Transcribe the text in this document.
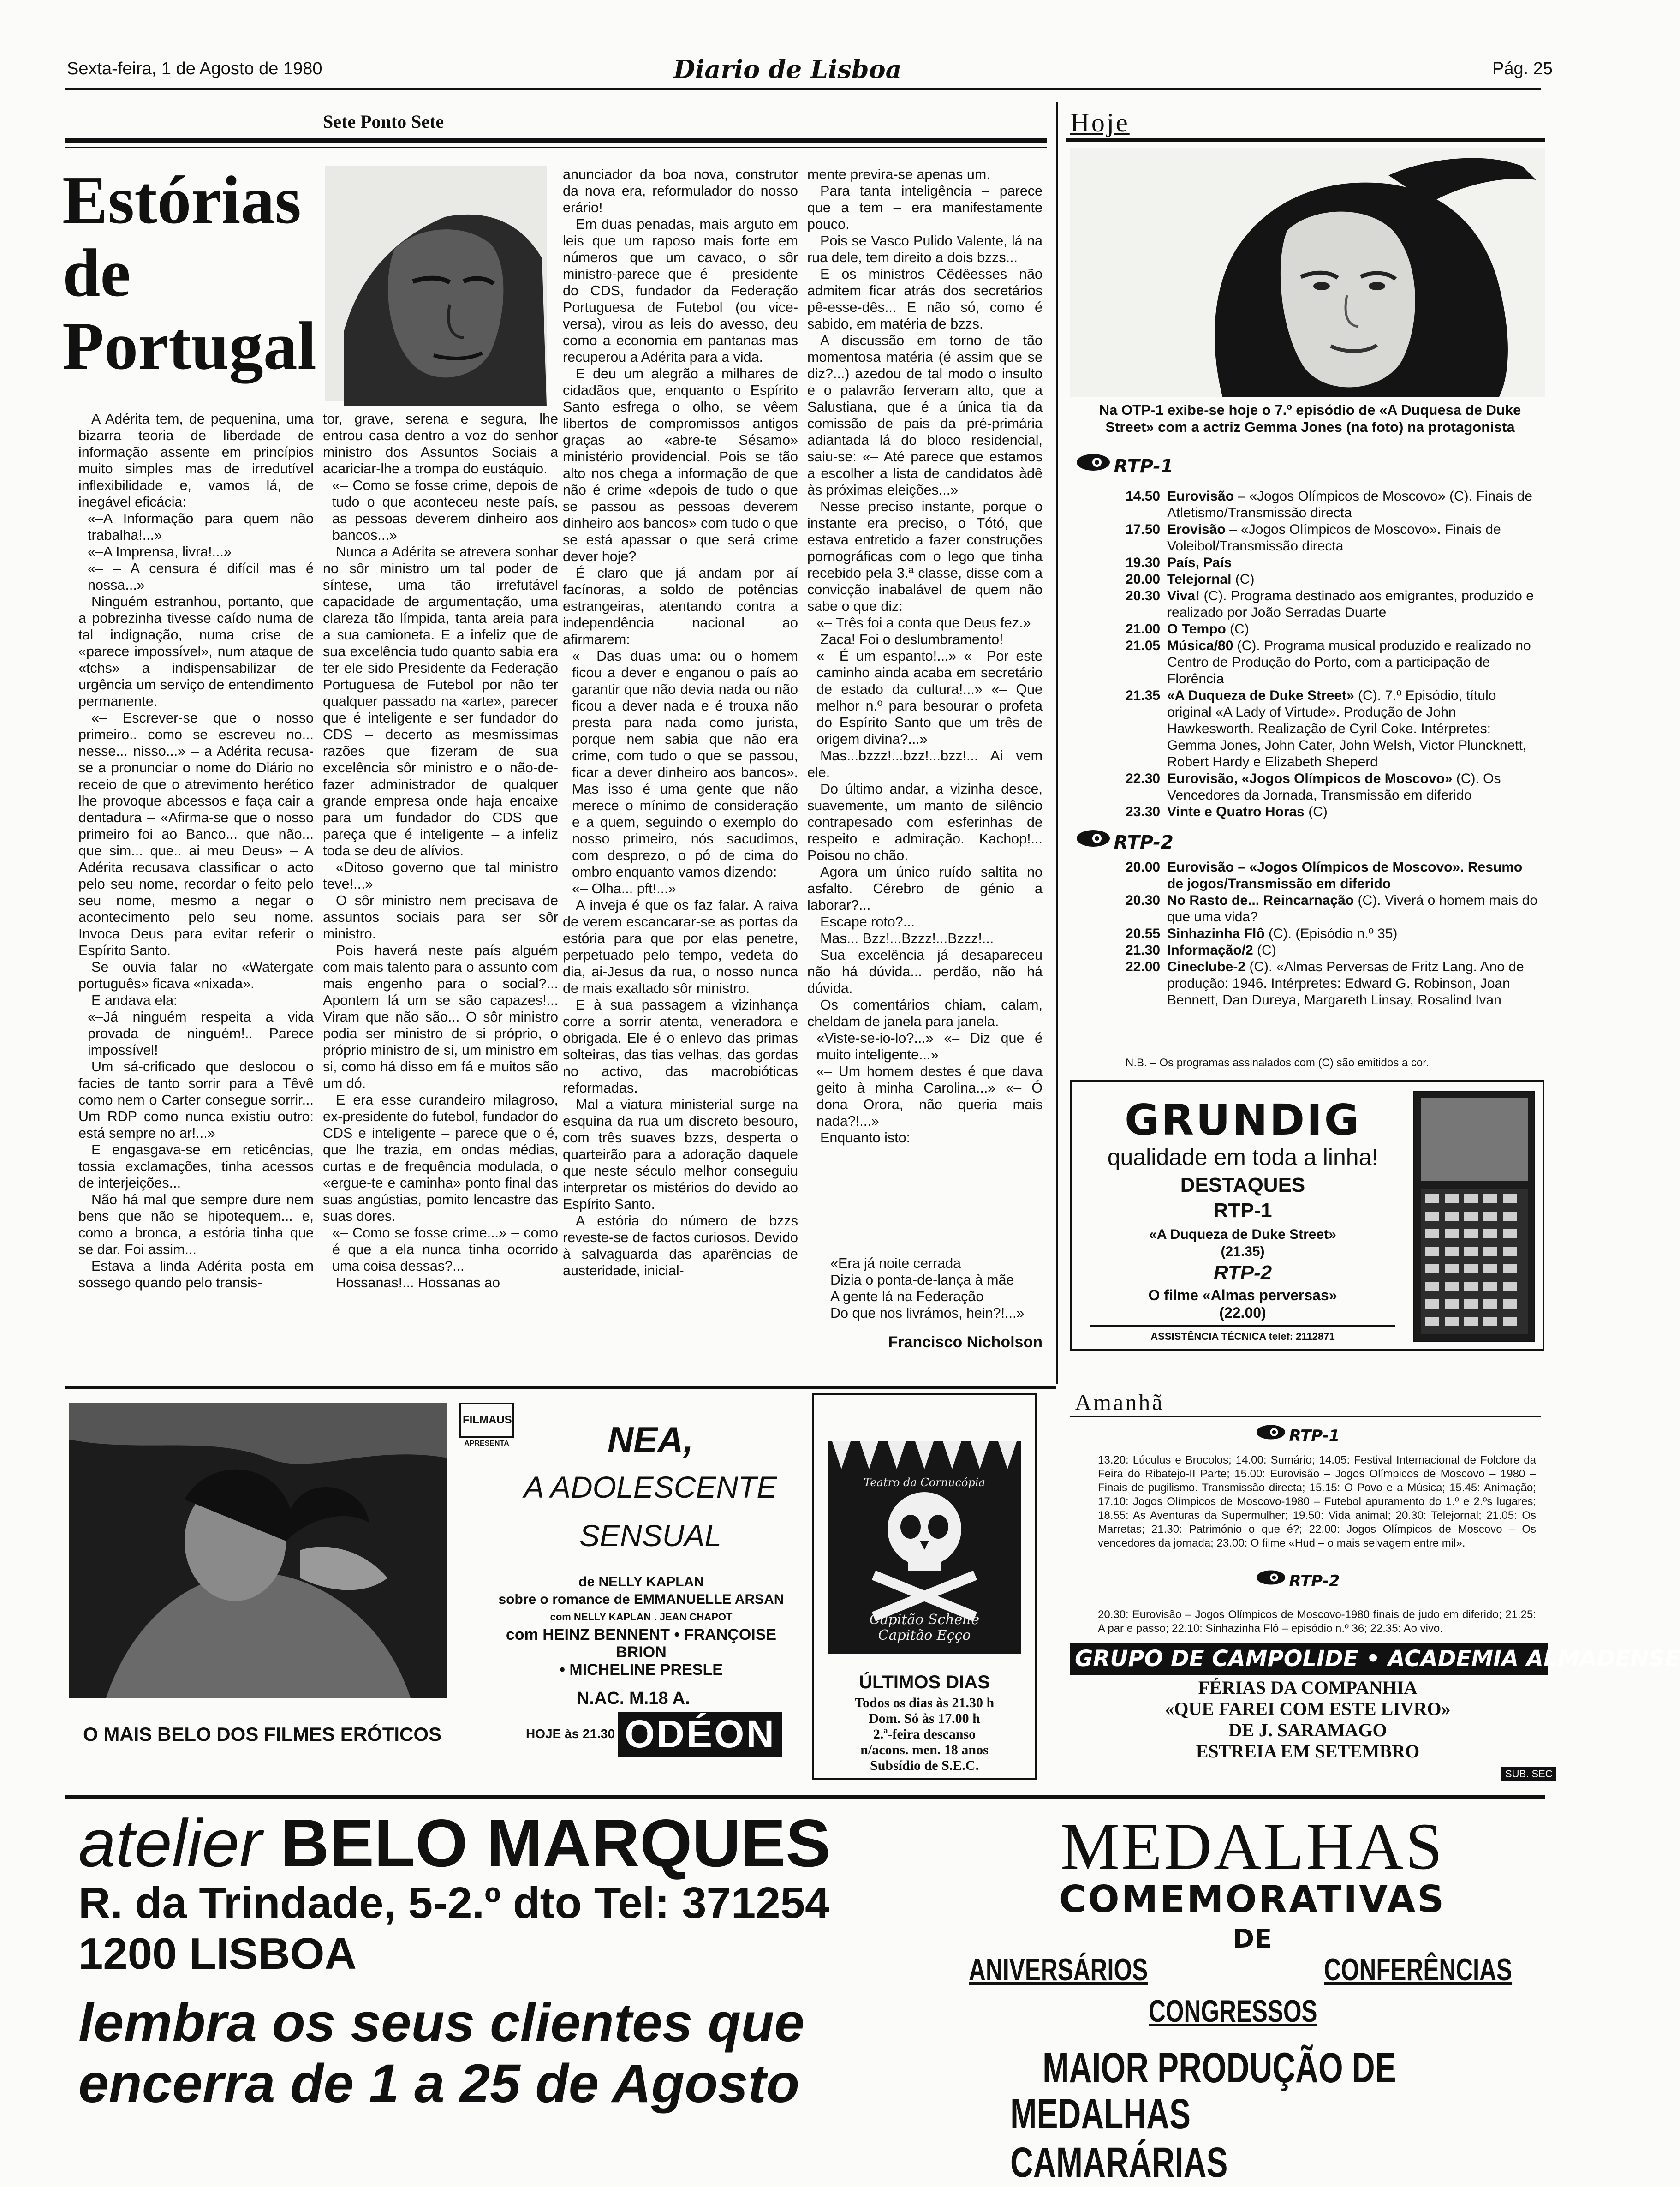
Sexta-feira, 1 de Agosto de 1980	Diario de Lisboa	Pág. 25
Sete Ponto Sete
Estórias
de
Portugal

A Adérita tem, de pequenina, uma bizarra teoria de liberdade de informação assente em princípios muito simples mas de irredutível inflexibilidade e, vamos lá, de inegável eficácia:

«–A Informação para quem não trabalha!...»

«–A Imprensa, livra!...»

«– – A censura é difícil mas é nossa...»

Ninguém estranhou, portanto, que a pobrezinha tivesse caído numa de tal indignação, numa crise de «parece impossível», num ataque de «tchs» a indispensabilizar de urgência um serviço de entendimento permanente.

«– Escrever-se que o nosso primeiro.. como se escreveu no... nesse... nisso...» – a Adérita recusa-se a pronunciar o nome do Diário no receio de que o atrevimento herético lhe provoque abcessos e faça cair a dentadura – «Afirma-se que o nosso primeiro foi ao Banco... que não... que sim... que.. ai meu Deus» – A Adérita recusava classificar o acto pelo seu nome, recordar o feito pelo seu nome, mesmo a negar o acontecimento pelo seu nome. Invoca Deus para evitar referir o Espírito Santo.

Se ouvia falar no «Watergate português» ficava «nixada».

E andava ela:

«–Já ninguém respeita a vida provada de ninguém!.. Parece impossível!

Um sá-crificado que deslocou o facies de tanto sorrir para a Têvê como nem o Carter consegue sorrir... Um RDP como nunca existiu outro: está sempre no ar!...»

E engasgava-se em reticências, tossia exclamações, tinha acessos de interjeições...

Não há mal que sempre dure nem bens que não se hipotequem... e, como a bronca, a estória tinha que se dar. Foi assim...

Estava a linda Adérita posta em sossego quando pelo transis-

tor, grave, serena e segura, lhe entrou casa dentro a voz do senhor ministro dos Assuntos Sociais a acariciar-lhe a trompa do eustáquio.

«– Como se fosse crime, depois de tudo o que aconteceu neste país, as pessoas deverem dinheiro aos bancos...»

Nunca a Adérita se atrevera sonhar no sôr ministro um tal poder de síntese, uma tão irrefutável capacidade de argumentação, uma clareza tão límpida, tanta areia para a sua camioneta. E a infeliz que de sua excelência tudo quanto sabia era ter ele sido Presidente da Federação Portuguesa de Futebol por não ter qualquer passado na «arte», parecer que é inteligente e ser fundador do CDS – decerto as mesmíssimas razões que fizeram de sua excelência sôr ministro e o não-de-fazer administrador de qualquer grande empresa onde haja encaixe para um fundador do CDS que pareça que é inteligente – a infeliz toda se deu de alívios.

«Ditoso governo que tal ministro teve!...»

O sôr ministro nem precisava de assuntos sociais para ser sôr ministro.

Pois haverá neste país alguém com mais talento para o assunto com mais engenho para o social?... Apontem lá um se são capazes!... Viram que não são... O sôr ministro podia ser ministro de si próprio, o próprio ministro de si, um ministro em si, como há disso em fá e muitos são um dó.

E era esse curandeiro milagroso, ex-presidente do futebol, fundador do CDS e inteligente – parece que o é, que lhe trazia, em ondas médias, curtas e de frequência modulada, o «ergue-te e caminha» ponto final das suas angústias, pomito lencastre das suas dores.

«– Como se fosse crime...» – como é que a ela nunca tinha ocorrido uma coisa dessas?...

Hossanas!... Hossanas ao

anunciador da boa nova, construtor da nova era, reformulador do nosso erário!

Em duas penadas, mais arguto em leis que um raposo mais forte em números que um cavaco, o sôr ministro-parece que é – presidente do CDS, fundador da Federação Portuguesa de Futebol (ou vice-versa), virou as leis do avesso, deu como a economia em pantanas mas recuperou a Adérita para a vida.

E deu um alegrão a milhares de cidadãos que, enquanto o Espírito Santo esfrega o olho, se vêem libertos de compromissos antigos graças ao «abre-te Sésamo» ministério providencial. Pois se tão alto nos chega a informação de que não é crime «depois de tudo o que se passou as pessoas deverem dinheiro aos bancos» com tudo o que se está apassar o que será crime dever hoje?

É claro que já andam por aí facínoras, a soldo de potências estrangeiras, atentando contra a independência nacional ao afirmarem:

«– Das duas uma: ou o homem ficou a dever e enganou o país ao garantir que não devia nada ou não ficou a dever nada e é trouxa não presta para nada como jurista, porque nem sabia que não era crime, com tudo o que se passou, ficar a dever dinheiro aos bancos». Mas isso é uma gente que não merece o mínimo de consideração e a quem, seguindo o exemplo do nosso primeiro, nós sacudimos, com desprezo, o pó de cima do ombro enquanto vamos dizendo:

«– Olha... pft!...»

A inveja é que os faz falar. A raiva de verem escancarar-se as portas da estória para que por elas penetre, perpetuado pelo tempo, vedeta do dia, ai-Jesus da rua, o nosso nunca de mais exaltado sôr ministro.

E à sua passagem a vizinhança corre a sorrir atenta, veneradora e obrigada. Ele é o enlevo das primas solteiras, das tias velhas, das gordas no activo, das macrobióticas reformadas.

Mal a viatura ministerial surge na esquina da rua um discreto besouro, com três suaves bzzs, desperta o quarteirão para a adoração daquele que neste século melhor conseguiu interpretar os mistérios do devido ao Espírito Santo.

A estória do número de bzzs reveste-se de factos curiosos. Devido à salvaguarda das aparências de austeridade, inicial-

mente previra-se apenas um.

Para tanta inteligência – parece que a tem – era manifestamente pouco.

Pois se Vasco Pulido Valente, lá na rua dele, tem direito a dois bzzs...

E os ministros Cêdêesses não admitem ficar atrás dos secretários pê-esse-dês... E não só, como é sabido, em matéria de bzzs.

A discussão em torno de tão momentosa matéria (é assim que se diz?...) azedou de tal modo o insulto e o palavrão ferveram alto, que a Salustiana, que é a única tia da comissão de pais da pré-primária adiantada lá do bloco residencial, saiu-se: «– Até parece que estamos a escolher a lista de candidatos àdê às próximas eleições...»

Nesse preciso instante, porque o instante era preciso, o Tótó, que estava entretido a fazer construções pornográficas com o lego que tinha recebido pela 3.ª classe, disse com a convicção inabalável de quem não sabe o que diz:

«– Três foi a conta que Deus fez.»

Zaca! Foi o deslumbramento!

«– É um espanto!...» «– Por este caminho ainda acaba em secretário de estado da cultura!...» «– Que melhor n.º para besourar o profeta do Espírito Santo que um três de origem divina?...»

Mas...bzzz!...bzz!...bzz!... Ai vem ele.

Do último andar, a vizinha desce, suavemente, um manto de silêncio contrapesado com esferinhas de respeito e admiração. Kachop!... Poisou no chão.

Agora um único ruído saltita no asfalto. Cérebro de génio a laborar?...

Escape roto?...

Mas... Bzz!...Bzzz!...Bzzz!...

Sua excelência já desapareceu não há dúvida... perdão, não há dúvida.

Os comentários chiam, calam, cheldam de janela para janela.

«Viste-se-io-lo?...» «– Diz que é muito inteligente...»

«– Um homem destes é que dava geito à minha Carolina...» «– Ó dona Orora, não queria mais nada?!...»

Enquanto isto:

«Era já noite cerrada
Dizia o ponta-de-lança à mãe
A gente lá na Federação
Do que nos livrámos, hein?!...»
Francisco Nicholson
Hoje
Na OTP-1 exibe-se hoje o 7.º episódio de «A Duquesa de Duke Street» com a actriz Gemma Jones (na foto) na protagonista
RTP-1
14.50 Eurovisão – «Jogos Olímpicos de Moscovo» (C). Finais de Atletismo/Transmissão directa
17.50 Erovisão – «Jogos Olímpicos de Moscovo». Finais de Voleibol/Transmissão directa
19.30 País, País
20.00 Telejornal (C)
20.30 Viva! (C). Programa destinado aos emigrantes, produzido e realizado por João Serradas Duarte
21.00 O Tempo (C)
21.05 Música/80 (C). Programa musical produzido e realizado no Centro de Produção do Porto, com a participação de Florência
21.35 «A Duqueza de Duke Street» (C). 7.º Episódio, título original «A Lady of Virtude». Produção de John Hawkesworth. Realização de Cyril Coke. Intérpretes: Gemma Jones, John Cater, John Welsh, Victor Pluncknett, Robert Hardy e Elizabeth Sheperd
22.30 Eurovisão, «Jogos Olímpicos de Moscovo» (C). Os Vencedores da Jornada, Transmissão em diferido
23.30 Vinte e Quatro Horas (C)
RTP-2
20.00 Eurovisão – «Jogos Olímpicos de Moscovo». Resumo de jogos/Transmissão em diferido
20.30 No Rasto de... Reincarnação (C). Viverá o homem mais do que uma vida?
20.55 Sinhazinha Flô (C). (Episódio n.º 35)
21.30 Informação/2 (C)
22.00 Cineclube-2 (C). «Almas Perversas de Fritz Lang. Ano de produção: 1946. Intérpretes: Edward G. Robinson, Joan Bennett, Dan Dureya, Margareth Linsay, Rosalind Ivan
N.B. – Os programas assinalados com (C) são emitidos a cor.
GRUNDIG
qualidade em toda a linha!
DESTAQUES
RTP-1
«A Duqueza de Duke Street»
(21.35)
RTP-2
O filme «Almas perversas»
(22.00)
ASSISTÊNCIA TÉCNICA telef: 2112871
Amanhã
RTP-1
13.20: Lúculus e Brocolos; 14.00: Sumário; 14.05: Festival Internacional de Folclore da Feira do Ribatejo-II Parte; 15.00: Eurovisão – Jogos Olímpicos de Moscovo – 1980 – Finais de pugilismo. Transmissão directa; 15.15: O Povo e a Música; 15.45: Animação; 17.10: Jogos Olímpicos de Moscovo-1980 – Futebol apuramento do 1.º e 2.ºs lugares; 18.55: As Aventuras da Supermulher; 19.50: Vida animal; 20.30: Telejornal; 21.05: Os Marretas; 21.30: Património o que é?; 22.00: Jogos Olímpicos de Moscovo – Os vencedores da jornada; 23.00: O filme «Hud – o mais selvagem entre mil».
RTP-2
20.30: Eurovisão – Jogos Olímpicos de Moscovo-1980 finais de judo em diferido; 21.25: A par e passo; 22.10: Sinhazinha Flô – episódio n.º 36; 22.35: Ao vivo.
GRUPO DE CAMPOLIDE • ACADEMIA ALMADENSE
FÉRIAS DA COMPANHIA
«QUE FAREI COM ESTE LIVRO»
DE J. SARAMAGO
ESTREIA EM SETEMBRO
SUB. SEC
FILMAUS
APRESENTA	NEA,
A ADOLESCENTE
SENSUAL
de NELLY KAPLAN
sobre o romance de EMMANUELLE ARSAN
com NELLY KAPLAN . JEAN CHAPOT
com HEINZ BENNENT • FRANÇOISE BRION
• MICHELINE PRESLE
N.AC. M.18 A.
O MAIS BELO DOS FILMES ERÓTICOS	HOJE às 21.30 ODÉON
Teatro da Cornucópia
Capitão Schelle Capitão Eçço
ÚLTIMOS DIAS
Todos os dias às 21.30 h
Dom. Só às 17.00 h
2.ª-feira descanso
n/acons. men. 18 anos
Subsídio de S.E.C.
atelier BELO MARQUES
R. da Trindade, 5-2.º dto Tel: 371254
1200 LISBOA
lembra os seus clientes que
encerra de 1 a 25 de Agosto
MEDALHAS
COMEMORATIVAS
DE
ANIVERSÁRIOS	CONFERÊNCIAS
CONGRESSOS
MAIOR PRODUÇÃO DE
MEDALHAS CAMARÁRIAS
